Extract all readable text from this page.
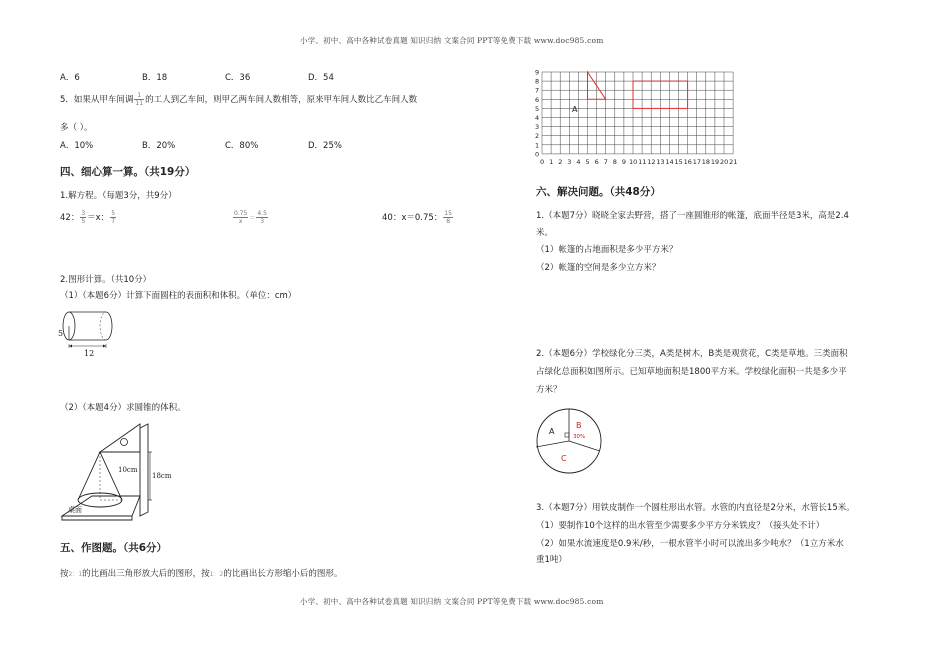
小学、初中、高中各种试卷真题 知识归纳 文案合同 PPT等免费下载 www.doc985.com
小学、初中、高中各种试卷真题 知识归纳 文案合同 PPT等免费下载 www.doc985.com
A．6	B．18	C．36	D．54
5．如果从甲车间调 $\frac{1}{11}$ 的工人到乙车间，则甲乙两车间人数相等，原来甲车间人数比乙车间人数
多（ ）。
A．10%	B．20%	C．80%	D．25%
四、细心算一算。（共19分）
1.解方程。（每题3分，共9分）
42： $\frac{3}{5} =x$： $\frac{5}{7}$	$\frac{0.75}{x} = \frac{4.5}{3}$	40：x＝0.75： $\frac{15}{8}$
2.图形计算。（共10分）
（1）（本题6分）计算下面圆柱的表面积和体积。（单位：cm）
5
12
（2）（本题4分）求圆锥的体积。
10cm
18cm
桌面
五、作图题。（共6分）
按2：1的比画出三角形放大后的图形，按1：2的比画出长方形缩小后的图形。
9
8
7
6
5
4
3
2
1
0
0 1 2 3 4 5 6 7 8 9 10 11 12 13 14 15 16 17 18 19 20 21
A
六、解决问题。（共48分）
1.（本题7分）晓晓全家去野营，搭了一座圆锥形的帐篷，底面半径是3米，高是2.4
米。
（1）帐篷的占地面积是多少平方米？
（2）帐篷的空间是多少立方米？
2.（本题6分）学校绿化分三类，A类是树木，B类是观赏花，C类是草地。三类面积
占绿化总面积如图所示。已知草地面积是1800平方米。学校绿化面积一共是多少平
方米？
A
B
30%
C
3.（本题7分）用铁皮制作一个圆柱形出水管。水管的内直径是2分米，水管长15米。
（1）要制作10个这样的出水管至少需要多少平方分米铁皮？（接头处不计）
（2）如果水流速度是0.9米/秒，一根水管半小时可以流出多少吨水？（1立方米水
重1吨）
